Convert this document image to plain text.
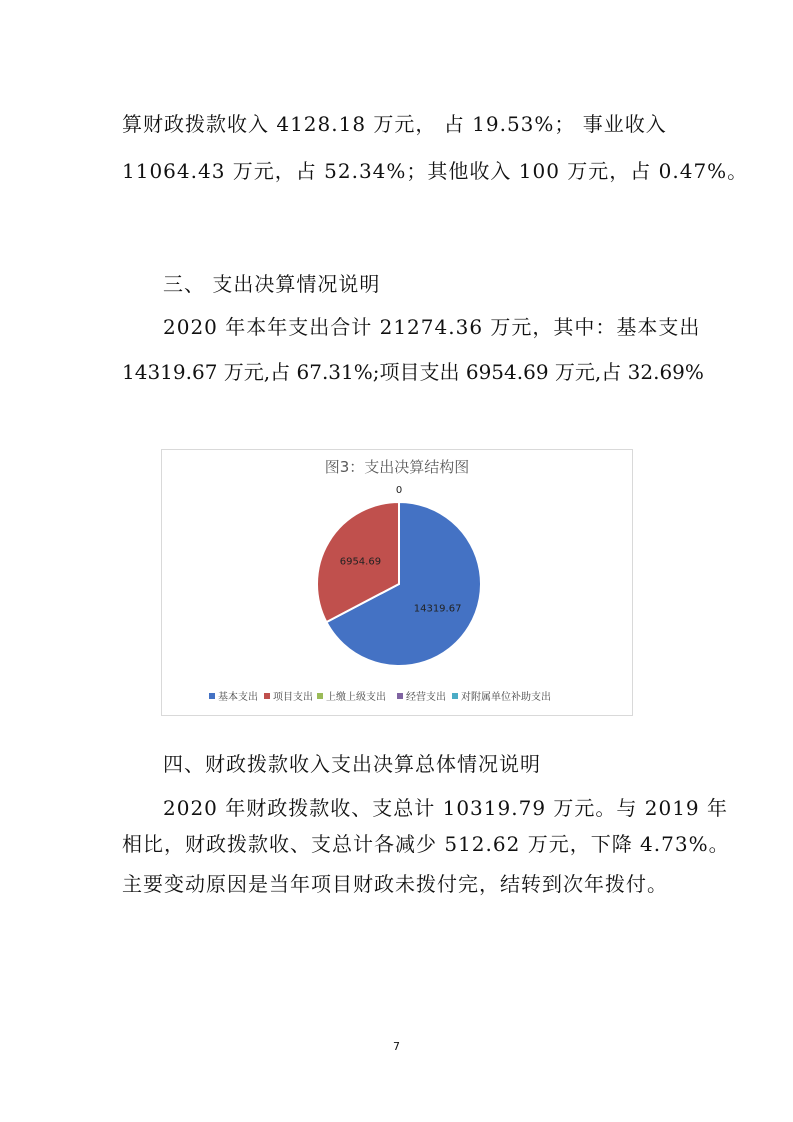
算财政拨款收入 4128.18 万元， 占 19.53%； 事业收入
11064.43 万元，占 52.34%；其他收入 100 万元，占 0.47%。
三、 支出决算情况说明
2020 年本年支出合计 21274.36 万元，其中：基本支出
14319.67 万元,占 67.31%;项目支出 6954.69 万元,占 32.69%
图3：支出决算结构图
14319.67
6954.69
0
基本支出 项目支出 上缴上级支出 经营支出 对附属单位补助支出
四、财政拨款收入支出决算总体情况说明
2020 年财政拨款收、支总计 10319.79 万元。与 2019 年
相比，财政拨款收、支总计各减少 512.62 万元，下降 4.73%。
主要变动原因是当年项目财政未拨付完，结转到次年拨付。
7
